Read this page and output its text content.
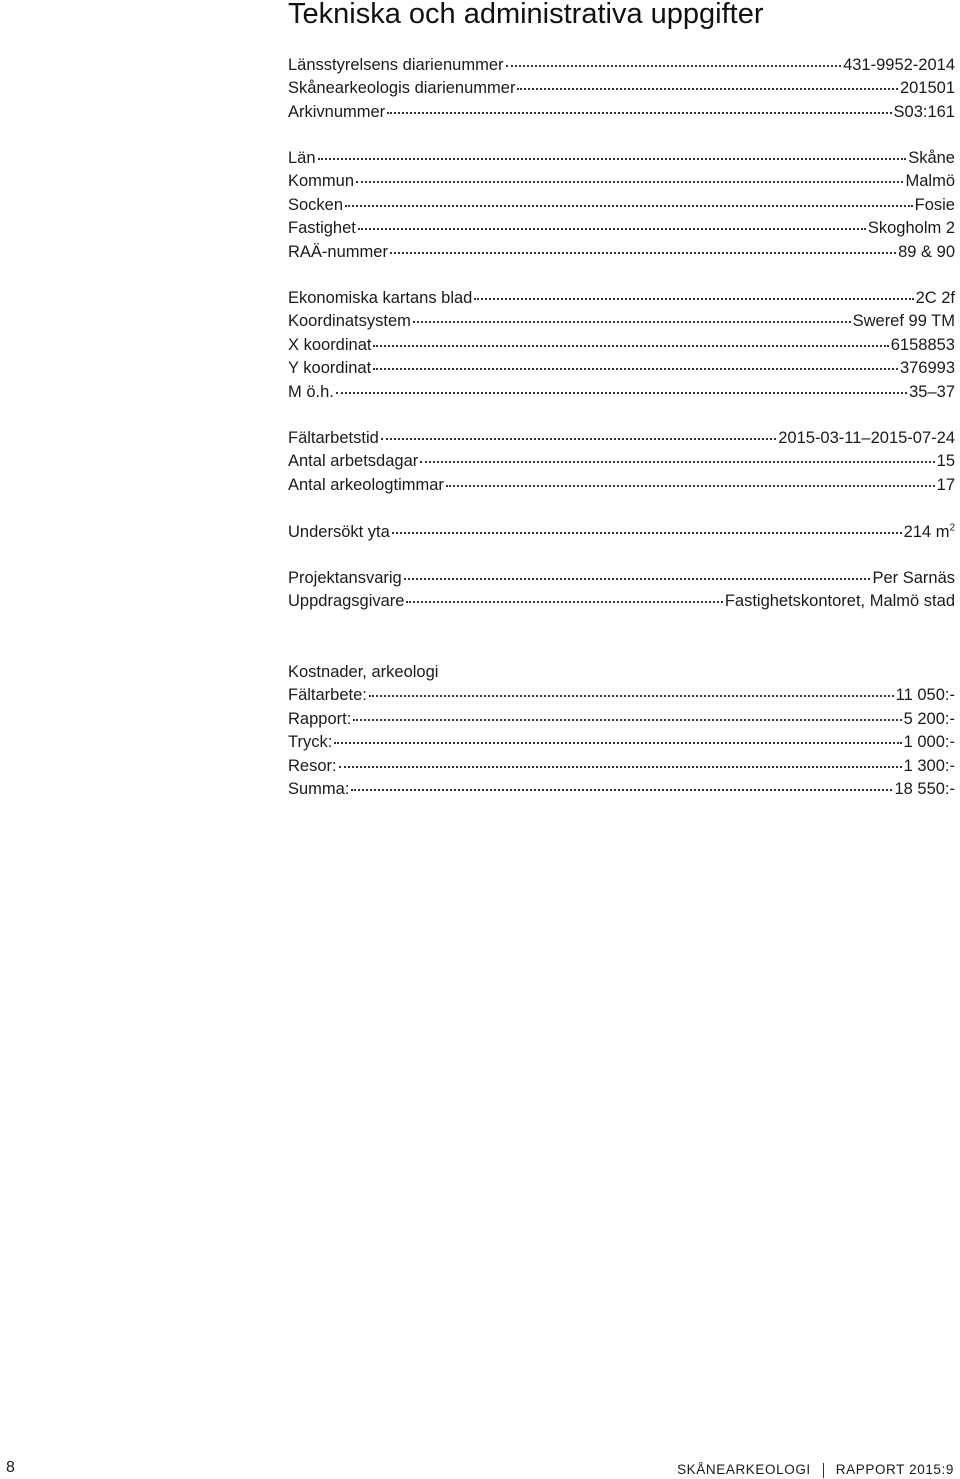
Tekniska och administrativa uppgifter
Länsstyrelsens diarienummer	431-9952-2014
Skånearkeologis diarienummer	201501
Arkivnummer	S03:161
Län	Skåne
Kommun	Malmö
Socken	Fosie
Fastighet	Skogholm 2
RAÄ-nummer	89 & 90
Ekonomiska kartans blad	2C 2f
Koordinatsystem	Sweref 99 TM
X koordinat	6158853
Y koordinat	376993
M ö.h.	35–37
Fältarbetstid	2015-03-11–2015-07-24
Antal arbetsdagar	15
Antal arkeologtimmar	17
Undersökt yta	214 $m^2$
Projektansvarig	Per Sarnäs
Uppdragsgivare	Fastighetskontoret, Malmö stad
Kostnader, arkeologi
Fältarbete:	11 050:-
Rapport:	5 200:-
Tryck:	1 000:-
Resor:	1 300:-
Summa:	18 550:-
8	SKÅNEARKEOLOGI RAPPORT 2015:9
